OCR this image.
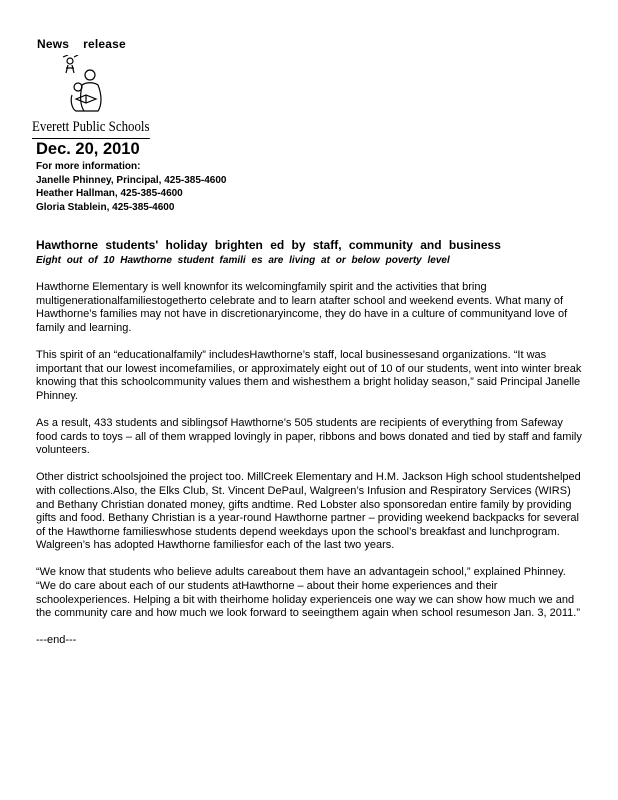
News release
Everett Public Schools
Dec. 20, 2010
For more information:
Janelle Phinney, Principal, 425-385-4600
Heather Hallman, 425-385-4600
Gloria Stablein, 425-385-4600
Hawthorne students' holiday brighten ed by staff, community and business
Eight out of 10 Hawthorne student famili es are living at or below poverty level

Hawthorne Elementary is well knownfor its welcomingfamily spirit and the activities that bring multigenerationalfamiliestogetherto celebrate and to learn atafter school and weekend events. What many of Hawthorne’s families may not have in discretionaryincome, they do have in a culture of communityand love of family and learning.

This spirit of an “educationalfamily” includesHawthorne’s staff, local businessesand organizations. “It was important that our lowest incomefamilies, or approximately eight out of 10 of our students, went into winter break knowing that this schoolcommunity values them and wishesthem a bright holiday season,” said Principal Janelle Phinney.

As a result, 433 students and siblingsof Hawthorne’s 505 students are recipients of everything from Safeway food cards to toys – all of them wrapped lovingly in paper, ribbons and bows donated and tied by staff and family volunteers.

Other district schoolsjoined the project too. MillCreek Elementary and H.M. Jackson High school studentshelped with collections.Also, the Elks Club, St. Vincent DePaul, Walgreen’s Infusion and Respiratory Services (WIRS) and Bethany Christian donated money, gifts andtime. Red Lobster also sponsoredan entire family by providing gifts and food. Bethany Christian is a year-round Hawthorne partner – providing weekend backpacks for several of the Hawthorne familieswhose students depend weekdays upon the school’s breakfast and lunchprogram. Walgreen’s has adopted Hawthorne familiesfor each of the last two years.

“We know that students who believe adults careabout them have an advantagein school,” explained Phinney. “We do care about each of our students atHawthorne – about their home experiences and their schoolexperiences. Helping a bit with theirhome holiday experienceis one way we can show how much we and the community care and how much we look forward to seeingthem again when school resumeson Jan. 3, 2011.”

---end---
